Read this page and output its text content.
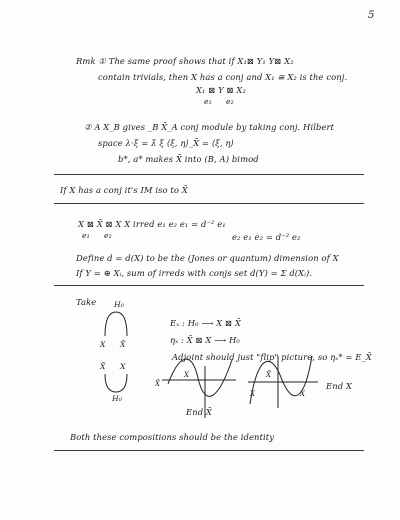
5
Rmk ① The same proof shows that if X₁⊠ Y₁ Y⊠ X₂
contain trivials, then X has a conj and X₁ ≅ X₂ is the conj.
X₁ ⊠ Y ⊠ X₂
e₁ e₂
② A X_B gives _B X̄_A conj module by taking conj. Hilbert
space λ·ξ = λ̄ ξ ⟨ξ, η⟩_X̄ = ⟨ξ, η⟩
b*, a* makes X̄ into (B, A) bimod
If X has a conj it's IM iso to X̄
X ⊠ X̄ ⊠ X X irred e₁ e₂ e₁ = d⁻² e₁
e₁ e₂	e₂ e₁ e₂ = d⁻² e₂
Define d = d(X) to be the (Jones or quantum) dimension of X
If Y = ⊕ Xᵢ, sum of irreds with conjs set d(Y) = Σ d(Xᵢ).
Take H₀
X X̄
X̄ X
H₀
Eₓ : H₀ ⟶ X ⊠ X̄
ηₓ : X̄ ⊠ X ⟶ H₀
Adjoint should just "flip" picture, so ηₓ* = E_X̄
X̄
X
X
X̄
X
End X
End X̄
Both these compositions should be the identity
